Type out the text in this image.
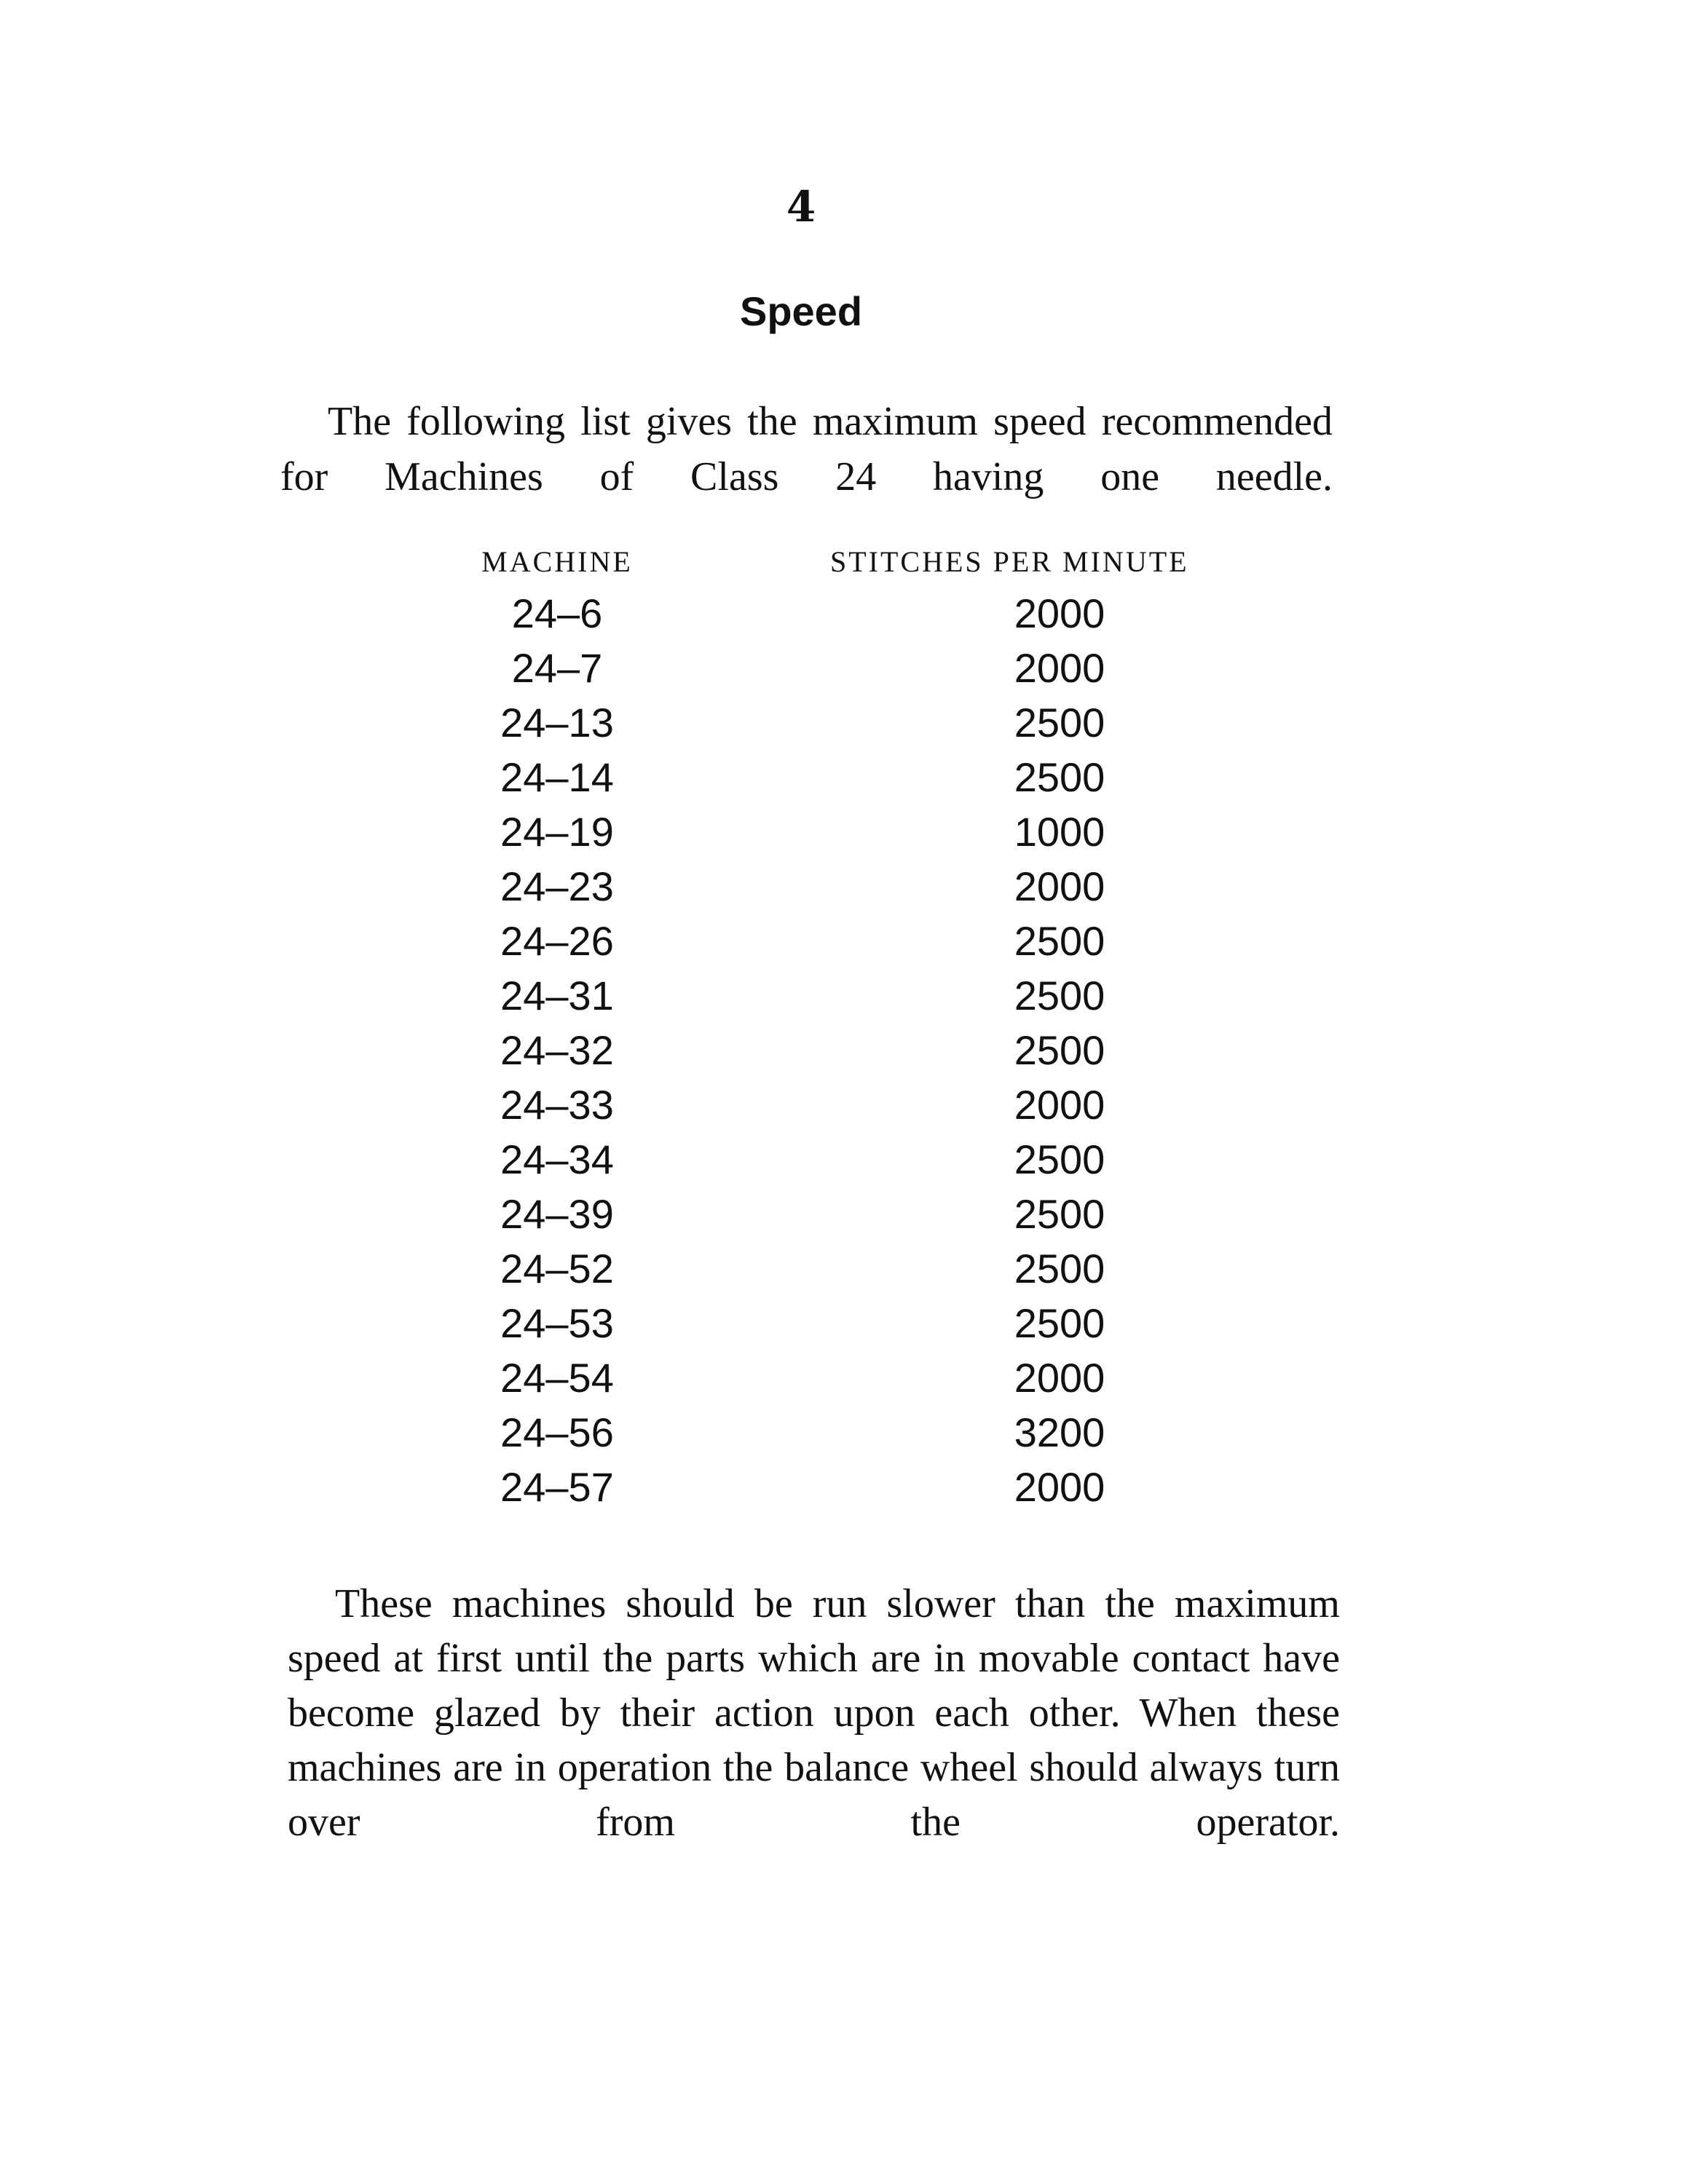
4
Speed

The following list gives the maximum speed recommended for Machines of Class 24 having one needle.

MACHINE	STITCHES PER MINUTE
24–6	2000
24–7	2000
24–13	2500
24–14	2500
24–19	1000
24–23	2000
24–26	2500
24–31	2500
24–32	2500
24–33	2000
24–34	2500
24–39	2500
24–52	2500
24–53	2500
24–54	2000
24–56	3200
24–57	2000

These machines should be run slower than the maximum speed at first until the parts which are in movable contact have become glazed by their action upon each other. When these machines are in operation the balance wheel should always turn over from the operator.
